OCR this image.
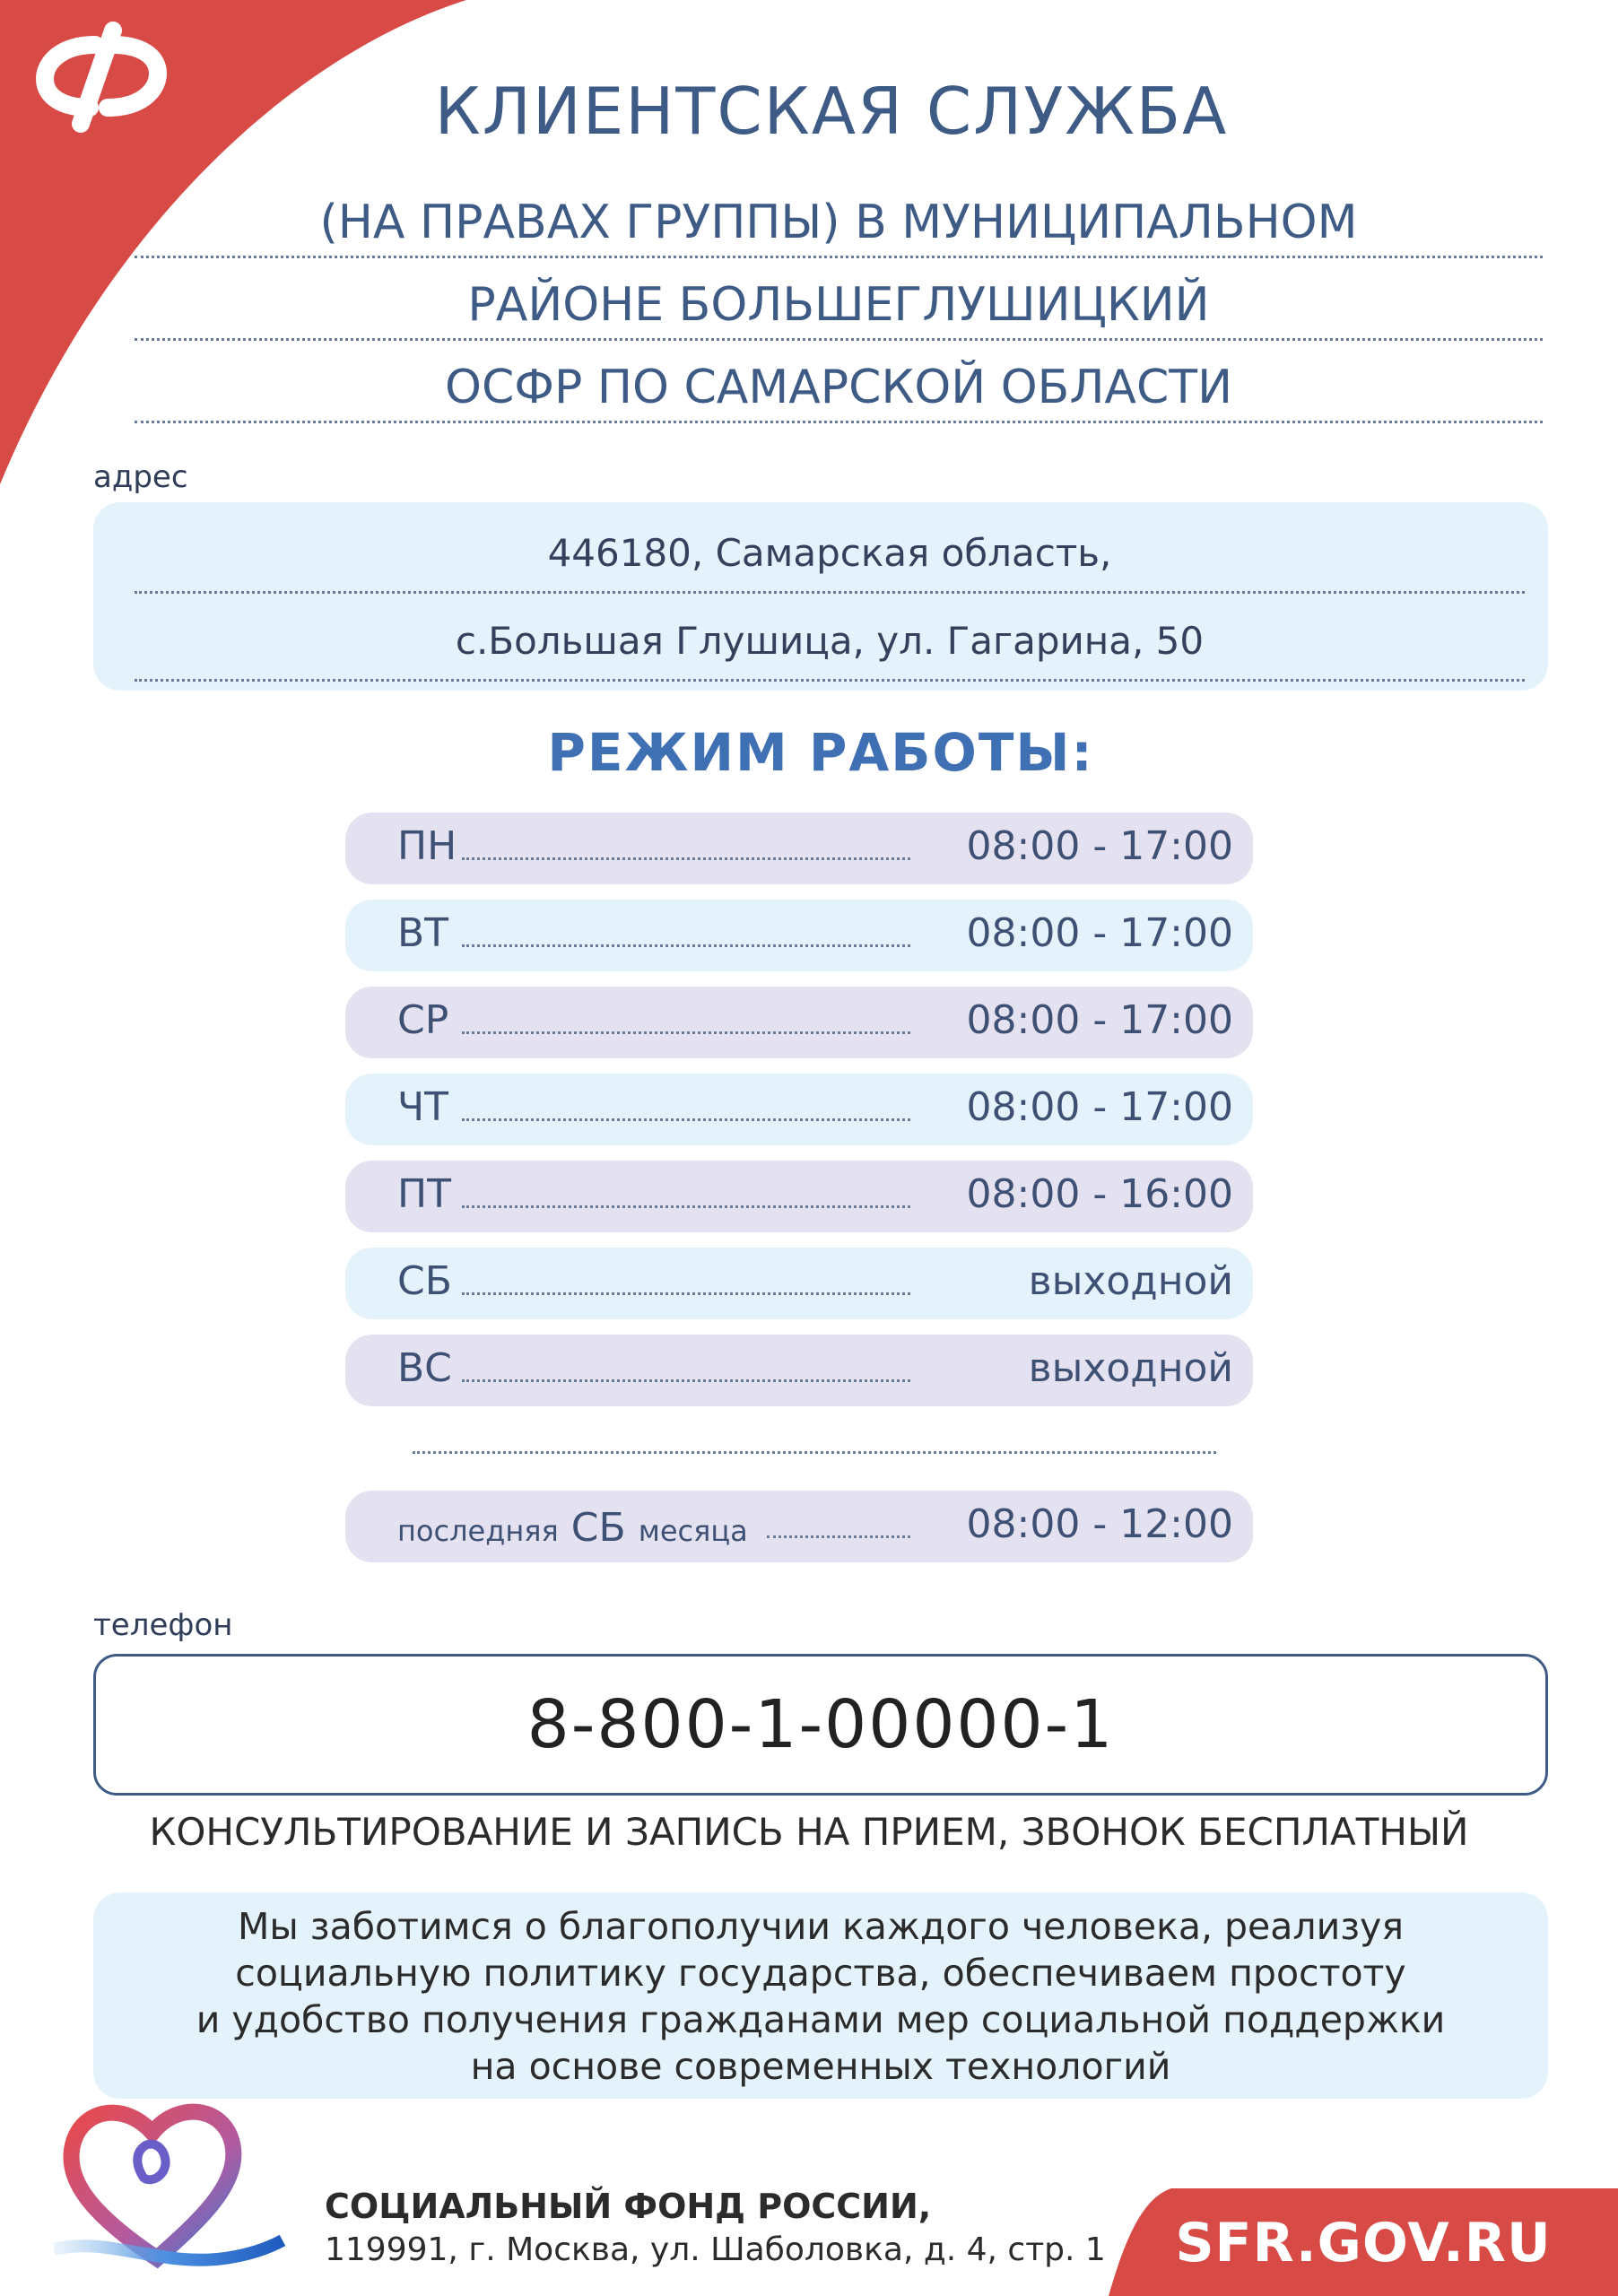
КЛИЕНТСКАЯ СЛУЖБА
(НА ПРАВАХ ГРУППЫ) В МУНИЦИПАЛЬНОМ
РАЙОНЕ БОЛЬШЕГЛУШИЦКИЙ
ОСФР ПО САМАРСКОЙ ОБЛАСТИ
адрес
446180, Самарская область,
с.Большая Глушица, ул. Гагарина, 50
РЕЖИМ РАБОТЫ:
ПН	08:00 - 17:00
ВТ	08:00 - 17:00
СР	08:00 - 17:00
ЧТ	08:00 - 17:00
ПТ	08:00 - 16:00
СБ	выходной
ВС	выходной
последняя СБ месяца	08:00 - 12:00
телефон
8-800-1-00000-1
КОНСУЛЬТИРОВАНИЕ И ЗАПИСЬ НА ПРИЕМ, ЗВОНОК БЕСПЛАТНЫЙ

Мы заботимся о благополучии каждого человека, реализуя

социальную политику государства, обеспечиваем простоту

и удобство получения гражданами мер социальной поддержки

на основе современных технологий

СОЦИАЛЬНЫЙ ФОНД РОССИИ,
119991, г. Москва, ул. Шаболовка, д. 4, стр. 1	SFR.GOV.RU
